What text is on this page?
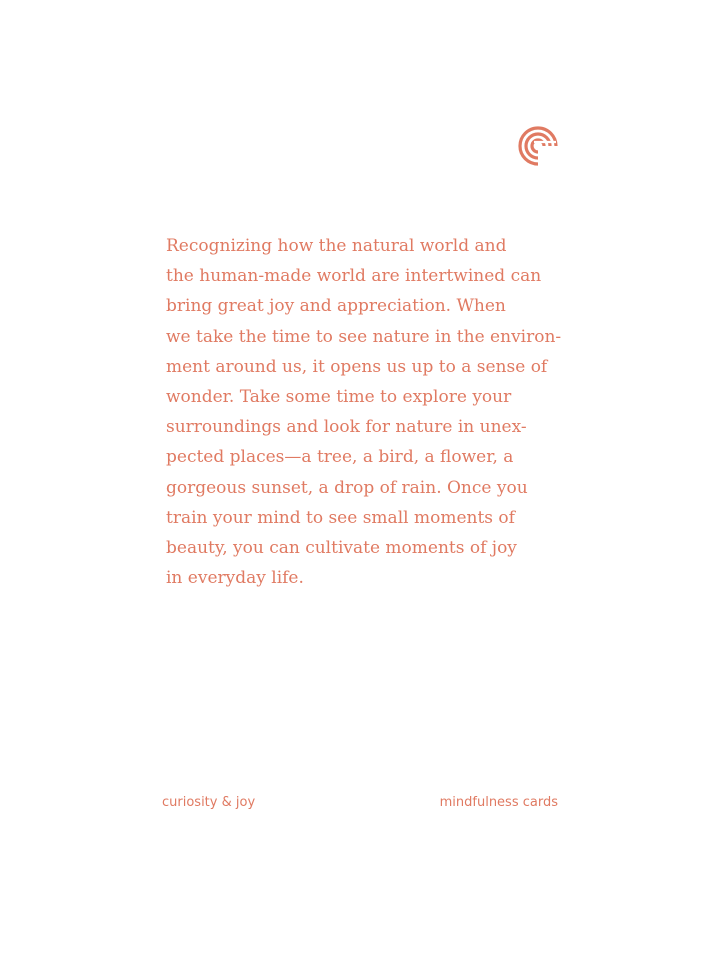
Recognizing how the natural world and
the human-made world are intertwined can
bring great joy and appreciation. When
we take the time to see nature in the environ-
ment around us, it opens us up to a sense of
wonder. Take some time to explore your
surroundings and look for nature in unex-
pected places—a tree, a bird, a flower, a
gorgeous sunset, a drop of rain. Once you
train your mind to see small moments of
beauty, you can cultivate moments of joy
in everyday life.
curiosity & joy	mindfulness cards
